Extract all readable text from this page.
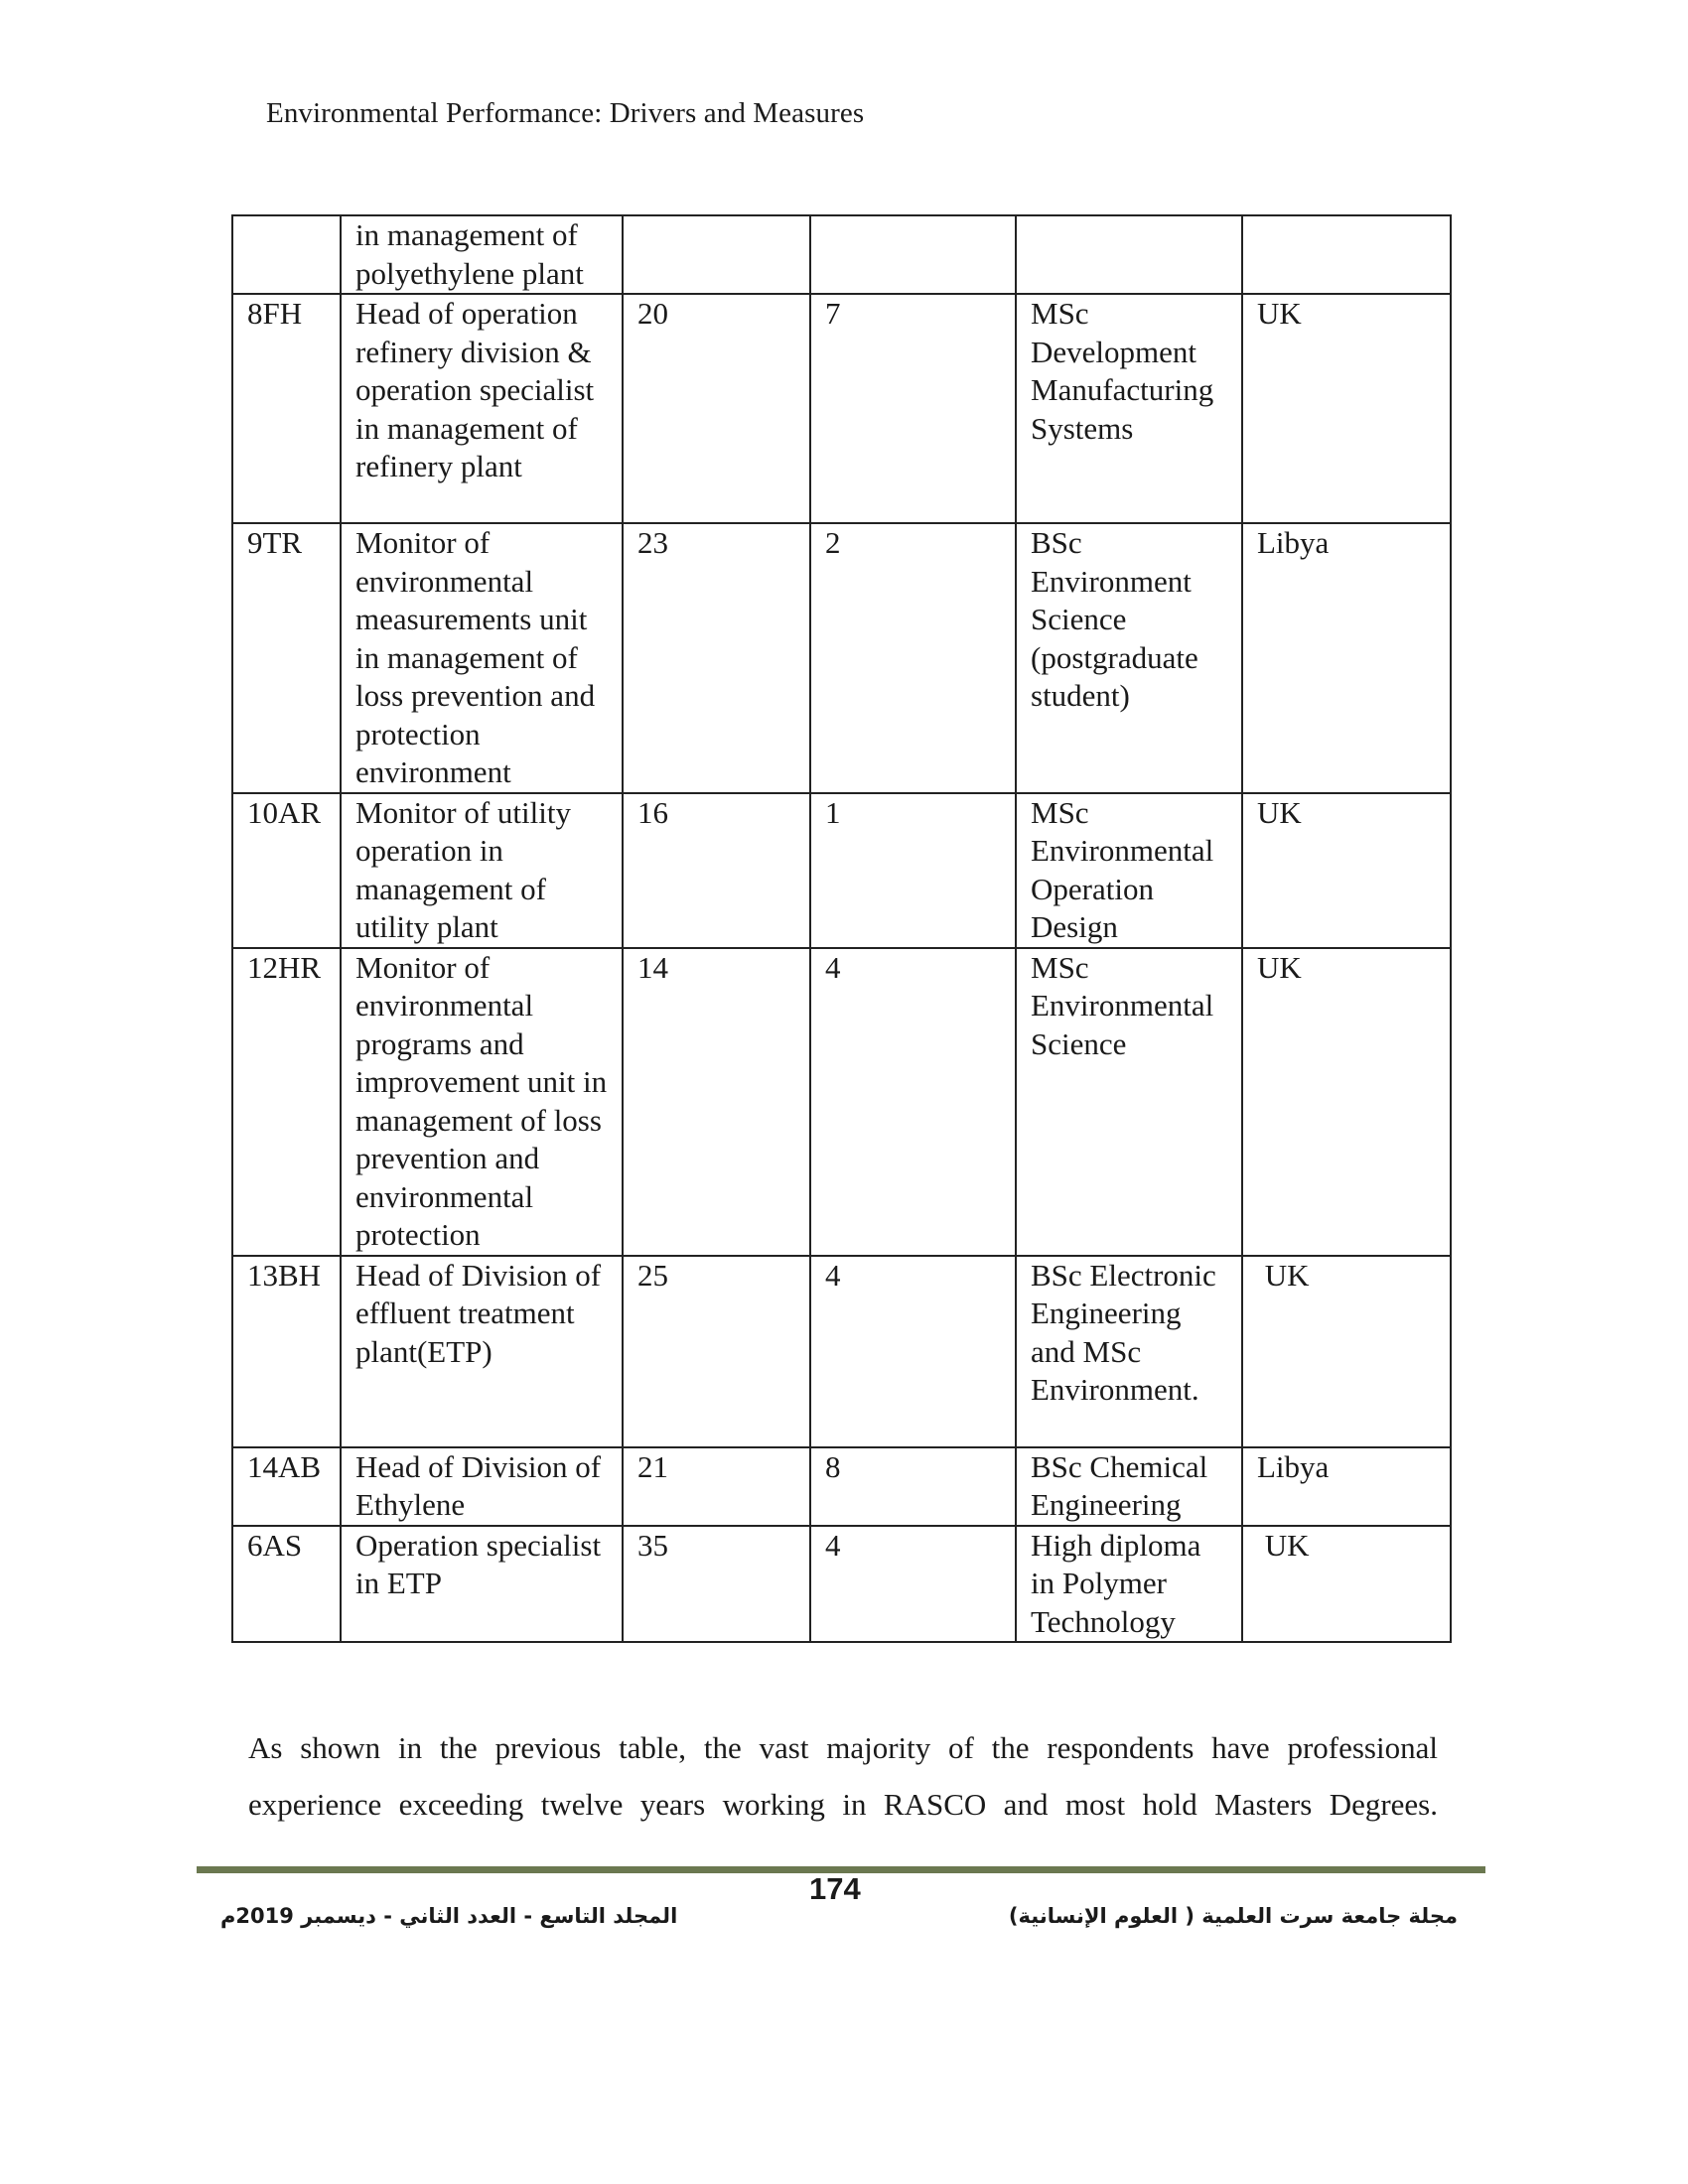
Environmental Performance: Drivers and Measures
	in management of polyethylene plant				
8FH	Head of operation refinery division & operation specialist in management of refinery plant	20	7	MSc Development Manufacturing Systems	UK
9TR	Monitor of environmental measurements unit in management of loss prevention and protection environment	23	2	BSc Environment Science (postgraduate student)	Libya
10AR	Monitor of utility operation in management of utility plant	16	1	MSc Environmental Operation Design	UK
12HR	Monitor of environmental programs and improvement unit in management of loss prevention and environmental protection	14	4	MSc Environmental Science	UK
13BH	Head of Division of effluent treatment plant(ETP)	25	4	BSc Electronic Engineering and MSc Environment.	UK
14AB	Head of Division of Ethylene	21	8	BSc Chemical Engineering	Libya
6AS	Operation specialist in ETP	35	4	High diploma in Polymer Technology	UK

As shown in the previous table, the vast majority of the respondents have professional experience exceeding twelve years working in RASCO and most hold Masters Degrees.

174
المجلد التاسع - العدد الثاني - ديسمبر 2019م	مجلة جامعة سرت العلمية ( العلوم الإنسانية)
